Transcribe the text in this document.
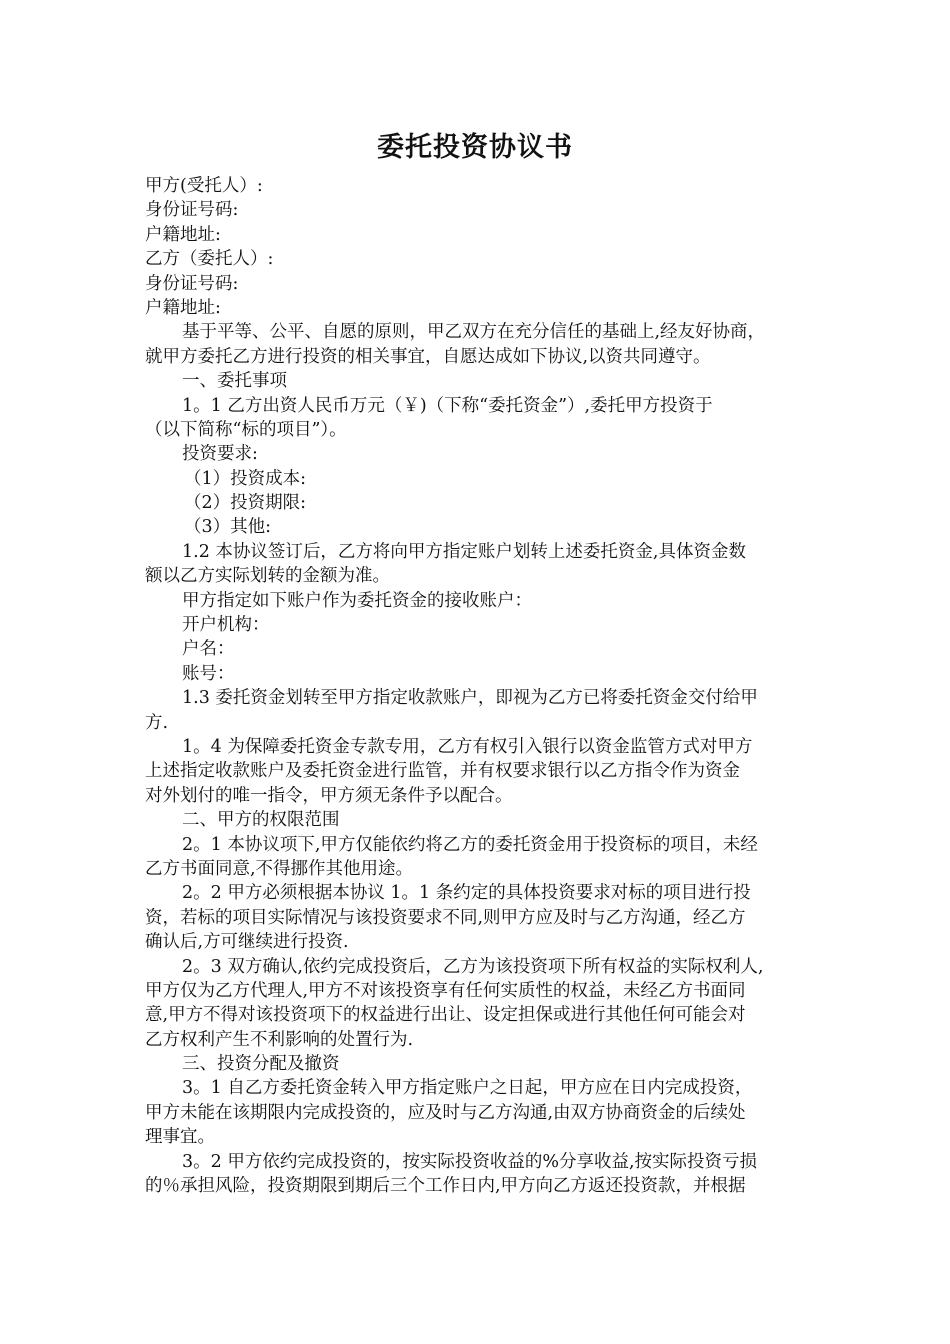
委托投资协议书
甲方(受托人）:
身份证号码:
户籍地址:
乙方（委托人）:
身份证号码:
户籍地址:
基于平等、公平、自愿的原则，甲乙双方在充分信任的基础上,经友好协商，
就甲方委托乙方进行投资的相关事宜，自愿达成如下协议,以资共同遵守。
一、委托事项
1。1 乙方出资人民币万元（￥)（下称“委托资金”）,委托甲方投资于
（以下简称“标的项目”）。
投资要求:
（1）投资成本:
（2）投资期限:
（3）其他:
1.2 本协议签订后，乙方将向甲方指定账户划转上述委托资金,具体资金数
额以乙方实际划转的金额为准。
甲方指定如下账户作为委托资金的接收账户：
开户机构：
户名：
账号：
1.3 委托资金划转至甲方指定收款账户，即视为乙方已将委托资金交付给甲
方.
1。4 为保障委托资金专款专用，乙方有权引入银行以资金监管方式对甲方
上述指定收款账户及委托资金进行监管，并有权要求银行以乙方指令作为资金
对外划付的唯一指令，甲方须无条件予以配合。
二、甲方的权限范围
2。1 本协议项下,甲方仅能依约将乙方的委托资金用于投资标的项目，未经
乙方书面同意,不得挪作其他用途。
2。2 甲方必须根据本协议 1。1 条约定的具体投资要求对标的项目进行投
资，若标的项目实际情况与该投资要求不同,则甲方应及时与乙方沟通，经乙方
确认后,方可继续进行投资.
2。3 双方确认,依约完成投资后，乙方为该投资项下所有权益的实际权利人,
甲方仅为乙方代理人,甲方不对该投资享有任何实质性的权益，未经乙方书面同
意,甲方不得对该投资项下的权益进行出让、设定担保或进行其他任何可能会对
乙方权利产生不利影响的处置行为.
三、投资分配及撤资
3。1 自乙方委托资金转入甲方指定账户之日起，甲方应在日内完成投资，
甲方未能在该期限内完成投资的，应及时与乙方沟通,由双方协商资金的后续处
理事宜。
3。2 甲方依约完成投资的，按实际投资收益的%分享收益,按实际投资亏损
的％承担风险，投资期限到期后三个工作日内,甲方向乙方返还投资款，并根据
